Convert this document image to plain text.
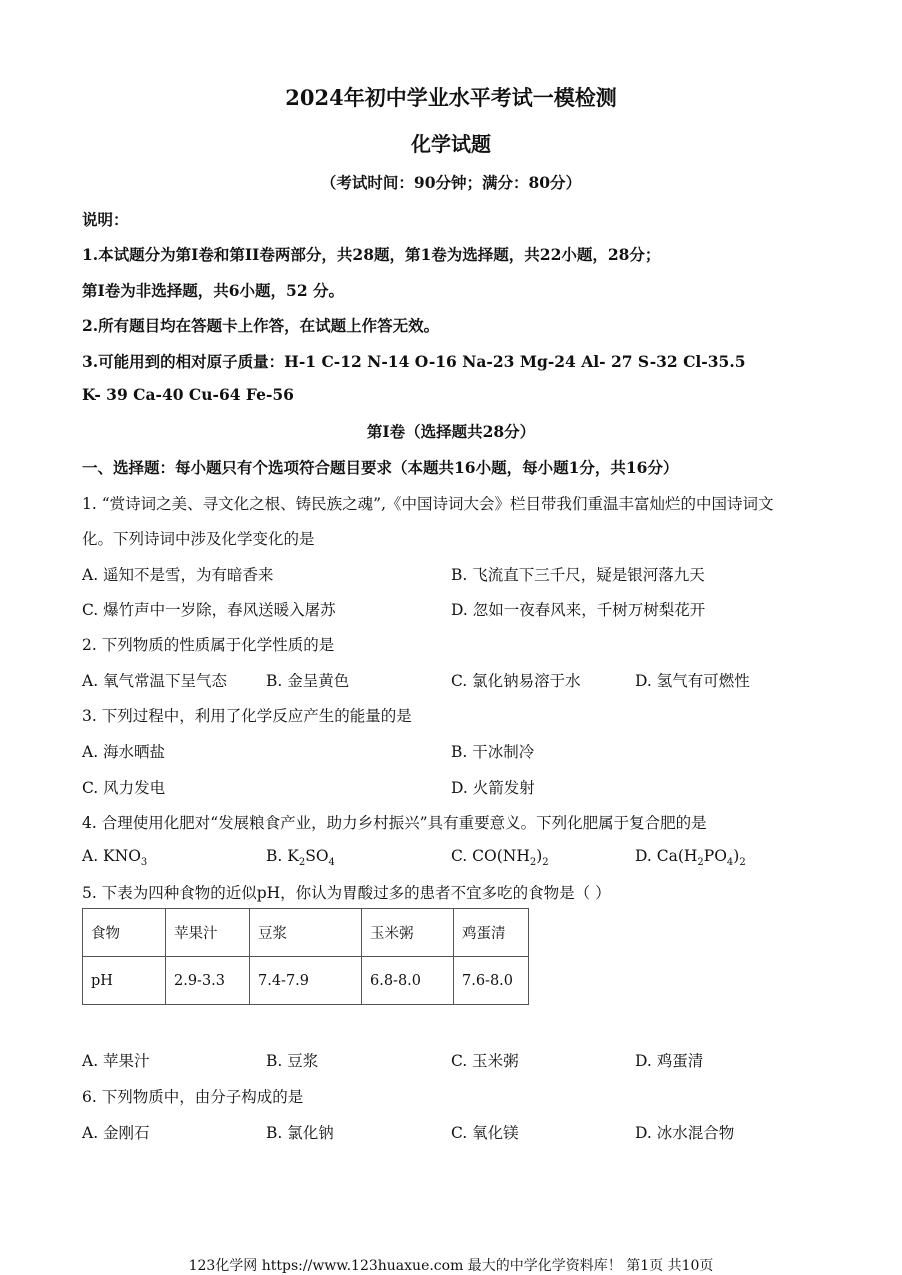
2024年初中学业水平考试一模检测
化学试题
（考试时间：90分钟；满分：80分）
说明：
1.本试题分为第I卷和第II卷两部分，共28题，第1卷为选择题，共22小题，28分；
第I卷为非选择题，共6小题，52 分。
2.所有题目均在答题卡上作答，在试题上作答无效。
3.可能用到的相对原子质量：H-1 C-12 N-14 O-16 Na-23 Mg-24 Al- 27 S-32 Cl-35.5
K- 39 Ca-40 Cu-64 Fe-56
第I卷（选择题共28分）
一、选择题：每小题只有个选项符合题目要求（本题共16小题，每小题1分，共16分）
1. “赏诗词之美、寻文化之根、铸民族之魂”,《中国诗词大会》栏目带我们重温丰富灿烂的中国诗词文
化。下列诗词中涉及化学变化的是
A. 遥知不是雪，为有暗香来	B. 飞流直下三千尺，疑是银河落九天
C. 爆竹声中一岁除，春风送暖入屠苏	D. 忽如一夜春风来，千树万树梨花开
2. 下列物质的性质属于化学性质的是
A. 氧气常温下呈气态	B. 金呈黄色	C. 氯化钠易溶于水	D. 氢气有可燃性
3. 下列过程中，利用了化学反应产生的能量的是
A. 海水晒盐	B. 干冰制冷
C. 风力发电	D. 火箭发射
4. 合理使用化肥对“发展粮食产业，助力乡村振兴”具有重要意义。下列化肥属于复合肥的是
A. $KNO_3$	B. $K_2SO_4$	C. $CO(NH_2)_2$	D. $Ca(H_2PO_4)_2$
5. 下表为四种食物的近似pH，你认为胃酸过多的患者不宜多吃的食物是（ ）
食物	苹果汁	豆浆	玉米粥	鸡蛋清
pH	2.9-3.3	7.4-7.9	6.8-8.0	7.6-8.0
A. 苹果汁	B. 豆浆	C. 玉米粥	D. 鸡蛋清
6. 下列物质中，由分子构成的是
A. 金刚石	B. 氯化钠	C. 氧化镁	D. 冰水混合物
123化学网 https://www.123huaxue.com 最大的中学化学资料库！ 第1页 共10页
